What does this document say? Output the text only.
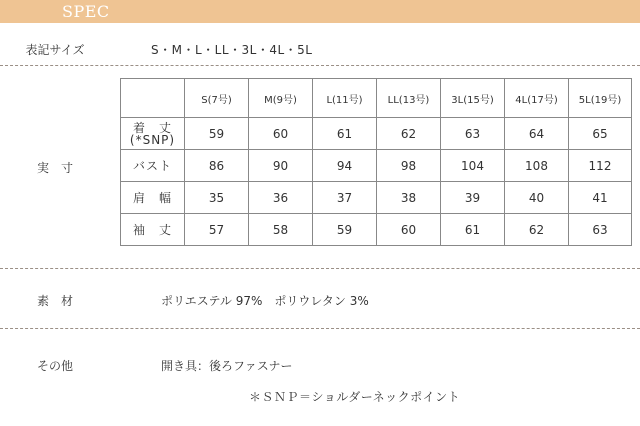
SPEC
表記サイズ	S・M・L・LL・3L・4L・5L
実　寸
	S(7号)	M(9号)	L(11号)	LL(13号)	3L(15号)	4L(17号)	5L(19号)
着　丈
(*SNP)	59	60	61	62	63	64	65
バスト	86	90	94	98	104	108	112
肩　幅	35	36	37	38	39	40	41
袖　丈	57	58	59	60	61	62	63
素　材	ポリエステル 97%　ポリウレタン 3%
その他	開き具：後ろファスナー
＊ＳＮＰ＝ショルダーネックポイント
